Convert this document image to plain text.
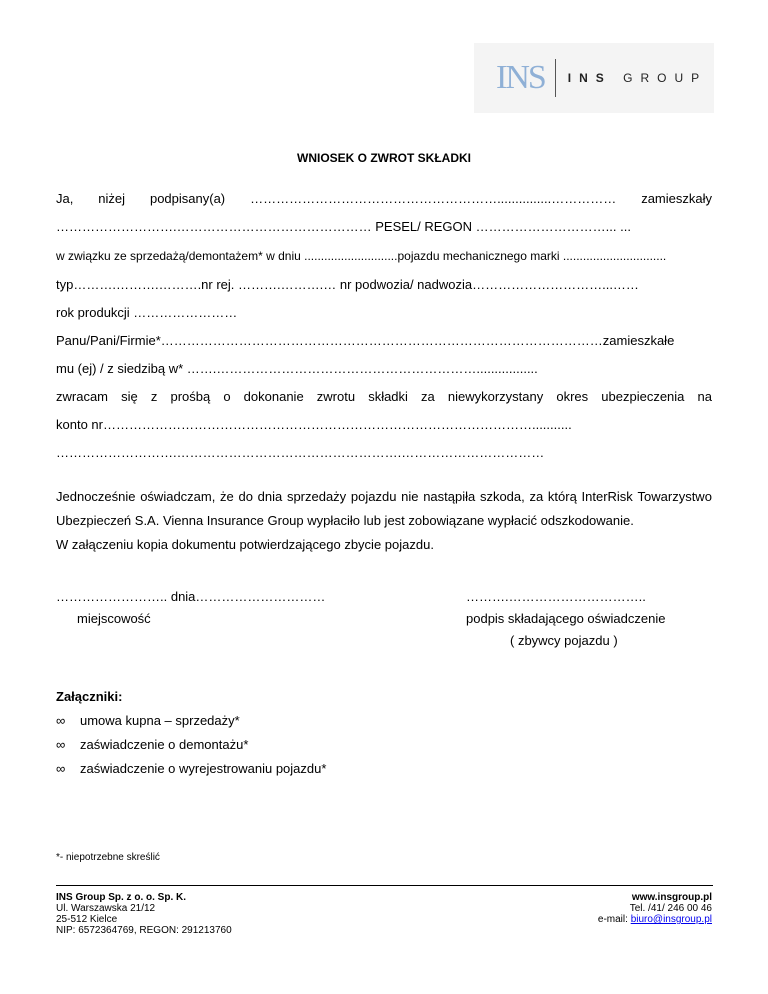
INS INS GROUP
WNIOSEK O ZWROT SKŁADKI
Ja, niżej podpisany(a) …………………………………………………...............…………… zamieszkały
……………………….……………………………………… PESEL/ REGON …………………………... ...
w związku ze sprzedażą/demontażem* w dniu ............................pojazdu mechanicznego marki ...............................
typ……….……….……….nr rej. ……….……….… nr podwozia/ nadwozia…………………………...……
rok produkcji ……………………
Panu/Pani/Firmie*…………………………………………………………………………………………zamieszkałe
mu (ej) / z siedzibą w* …….…………………………………………………….................
zwracam się z prośbą o dokonanie zwrotu składki za niewykorzystany okres ubezpieczenia na
konto nr………………………………………………………………………………………...........
……………………….…………………………………………….……………………………
Jednocześnie oświadczam, że do dnia sprzedaży pojazdu nie nastąpiła szkoda, za którą InterRisk Towarzystwo
Ubezpieczeń S.A. Vienna Insurance Group wypłaciło lub jest zobowiązane wypłacić odszkodowanie.
W załączeniu kopia dokumentu potwierdzającego zbycie pojazdu.
…………………….. dnia…………………………
miejscowość
……….…………………………..
podpis składającego oświadczenie
( zbywcy pojazdu )
Załączniki:
∞ umowa kupna – sprzedaży*
∞ zaświadczenie o demontażu*
∞ zaświadczenie o wyrejestrowaniu pojazdu*
*- niepotrzebne skreślić
INS Group Sp. z o. o. Sp. K.
Ul. Warszawska 21/12
25-512 Kielce
NIP: 6572364769, REGON: 291213760
www.insgroup.pl
Tel. /41/ 246 00 46
e-mail: biuro@insgroup.pl
